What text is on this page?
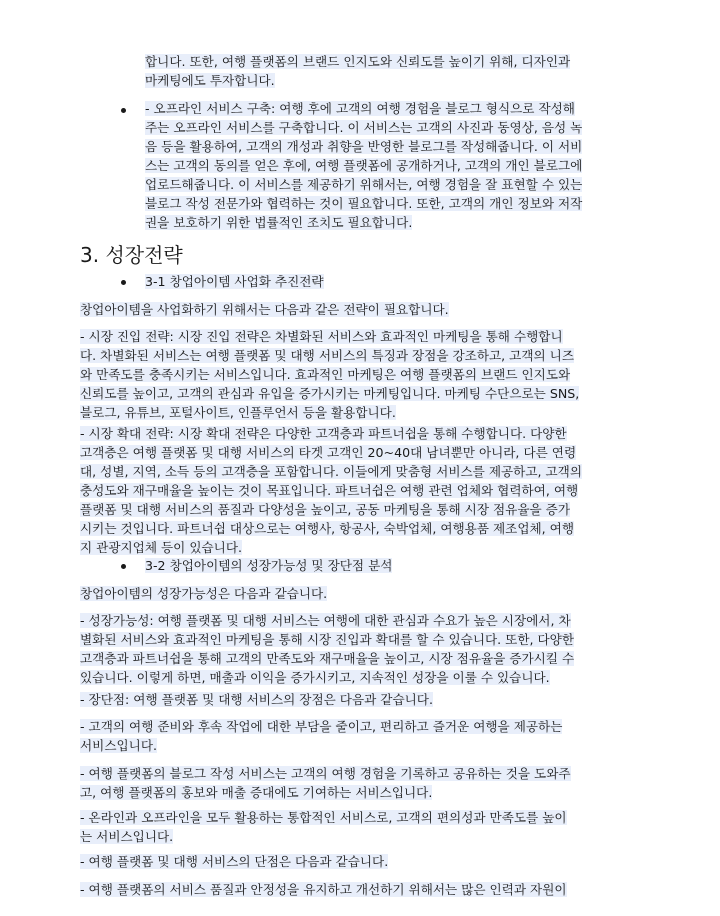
합니다. 또한, 여행 플랫폼의 브랜드 인지도와 신뢰도를 높이기 위해, 디자인과
마케팅에도 투자합니다.
- 오프라인 서비스 구축: 여행 후에 고객의 여행 경험을 블로그 형식으로 작성해
주는 오프라인 서비스를 구축합니다. 이 서비스는 고객의 사진과 동영상, 음성 녹
음 등을 활용하여, 고객의 개성과 취향을 반영한 블로그를 작성해줍니다. 이 서비
스는 고객의 동의를 얻은 후에, 여행 플랫폼에 공개하거나, 고객의 개인 블로그에
업로드해줍니다. 이 서비스를 제공하기 위해서는, 여행 경험을 잘 표현할 수 있는
블로그 작성 전문가와 협력하는 것이 필요합니다. 또한, 고객의 개인 정보와 저작
권을 보호하기 위한 법률적인 조치도 필요합니다.
3. 성장전략

3-1 창업아이템 사업화 추진전략

창업아이템을 사업화하기 위해서는 다음과 같은 전략이 필요합니다.
- 시장 진입 전략: 시장 진입 전략은 차별화된 서비스와 효과적인 마케팅을 통해 수행합니
다. 차별화된 서비스는 여행 플랫폼 및 대행 서비스의 특징과 장점을 강조하고, 고객의 니즈
와 만족도를 충족시키는 서비스입니다. 효과적인 마케팅은 여행 플랫폼의 브랜드 인지도와
신뢰도를 높이고, 고객의 관심과 유입을 증가시키는 마케팅입니다. 마케팅 수단으로는 SNS,
블로그, 유튜브, 포털사이트, 인플루언서 등을 활용합니다.
- 시장 확대 전략: 시장 확대 전략은 다양한 고객층과 파트너쉽을 통해 수행합니다. 다양한
고객층은 여행 플랫폼 및 대행 서비스의 타겟 고객인 20~40대 남녀뿐만 아니라, 다른 연령
대, 성별, 지역, 소득 등의 고객층을 포함합니다. 이들에게 맞춤형 서비스를 제공하고, 고객의
충성도와 재구매율을 높이는 것이 목표입니다. 파트너쉽은 여행 관련 업체와 협력하여, 여행
플랫폼 및 대행 서비스의 품질과 다양성을 높이고, 공동 마케팅을 통해 시장 점유율을 증가
시키는 것입니다. 파트너쉽 대상으로는 여행사, 항공사, 숙박업체, 여행용품 제조업체, 여행
지 관광지업체 등이 있습니다.

3-2 창업아이템의 성장가능성 및 장단점 분석

창업아이템의 성장가능성은 다음과 같습니다.
- 성장가능성: 여행 플랫폼 및 대행 서비스는 여행에 대한 관심과 수요가 높은 시장에서, 차
별화된 서비스와 효과적인 마케팅을 통해 시장 진입과 확대를 할 수 있습니다. 또한, 다양한
고객층과 파트너쉽을 통해 고객의 만족도와 재구매율을 높이고, 시장 점유율을 증가시킬 수
있습니다. 이렇게 하면, 매출과 이익을 증가시키고, 지속적인 성장을 이룰 수 있습니다.
- 장단점: 여행 플랫폼 및 대행 서비스의 장점은 다음과 같습니다.
- 고객의 여행 준비와 후속 작업에 대한 부담을 줄이고, 편리하고 즐거운 여행을 제공하는
서비스입니다.
- 여행 플랫폼의 블로그 작성 서비스는 고객의 여행 경험을 기록하고 공유하는 것을 도와주
고, 여행 플랫폼의 홍보와 매출 증대에도 기여하는 서비스입니다.
- 온라인과 오프라인을 모두 활용하는 통합적인 서비스로, 고객의 편의성과 만족도를 높이
는 서비스입니다.
- 여행 플랫폼 및 대행 서비스의 단점은 다음과 같습니다.
- 여행 플랫폼의 서비스 품질과 안정성을 유지하고 개선하기 위해서는 많은 인력과 자원이
